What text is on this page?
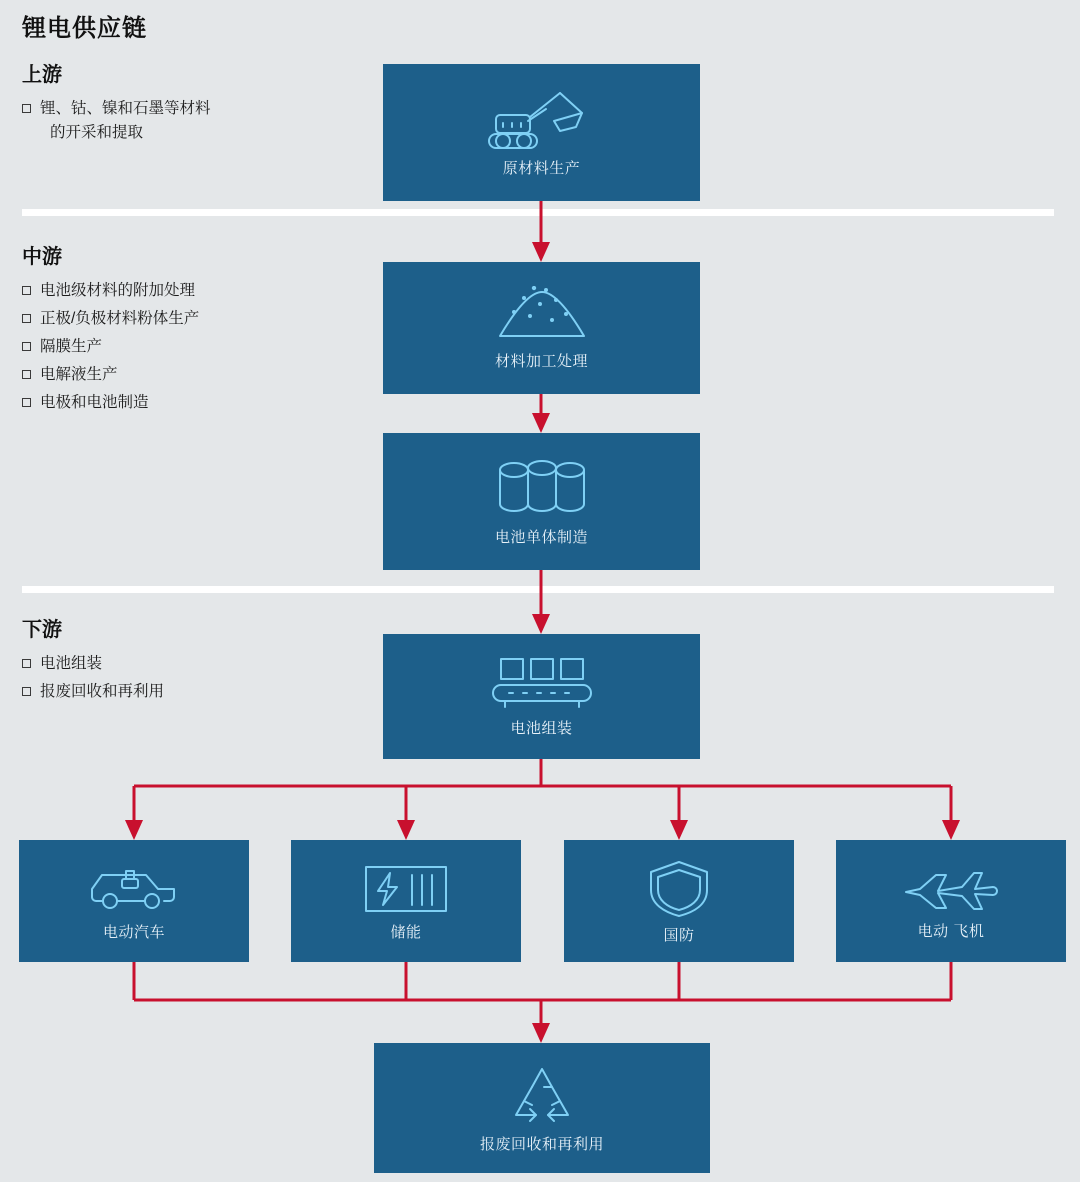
锂电供应链
上游
锂、钴、镍和石墨等材料
的开采和提取
中游
电池级材料的附加处理
正极/负极材料粉体生产
隔膜生产
电解液生产
电极和电池制造
下游
电池组装
报废回收和再利用
原材料生产
材料加工处理
电池单体制造
电池组装
电动汽车	储能	国防	电动 飞机
报废回收和再利用
